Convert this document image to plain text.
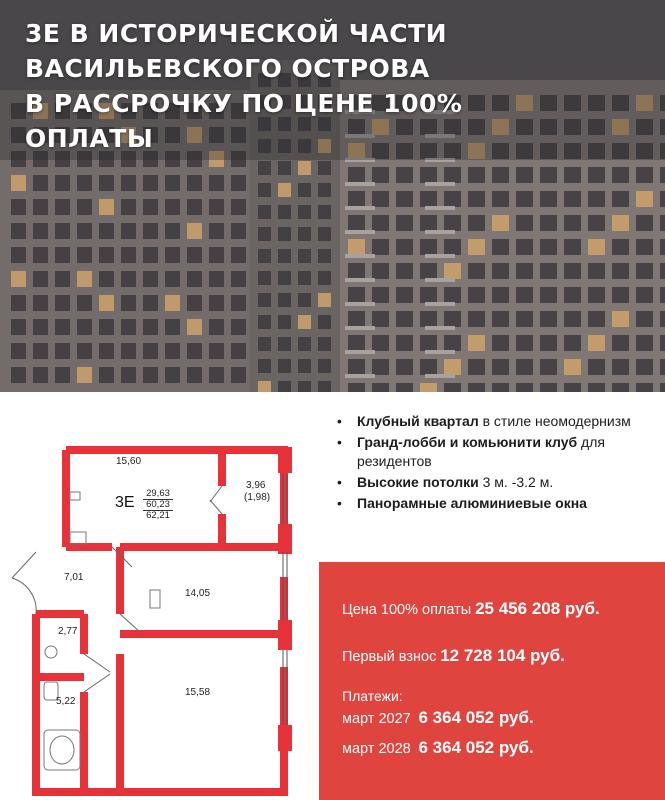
3Е В ИСТОРИЧЕСКОЙ ЧАСТИ
ВАСИЛЬЕВСКОГО ОСТРОВА
В РАССРОЧКУ ПО ЦЕНЕ 100%
ОПЛАТЫ
15,60
3,96
(1,98)
7,01
14,05
2,77
5,22
15,58
3Е
29,63
60,23
62,21
• Клубный квартал в стиле неомодернизм
• Гранд-лобби и комьюнити клуб для резидентов
• Высокие потолки 3 м. -3.2 м.
• Панорамные алюминиевые окна
Цена 100% оплаты 25 456 208 руб.
Первый взнос 12 728 104 руб.
Платежи:
март 2027 6 364 052 руб.
март 2028 6 364 052 руб.
